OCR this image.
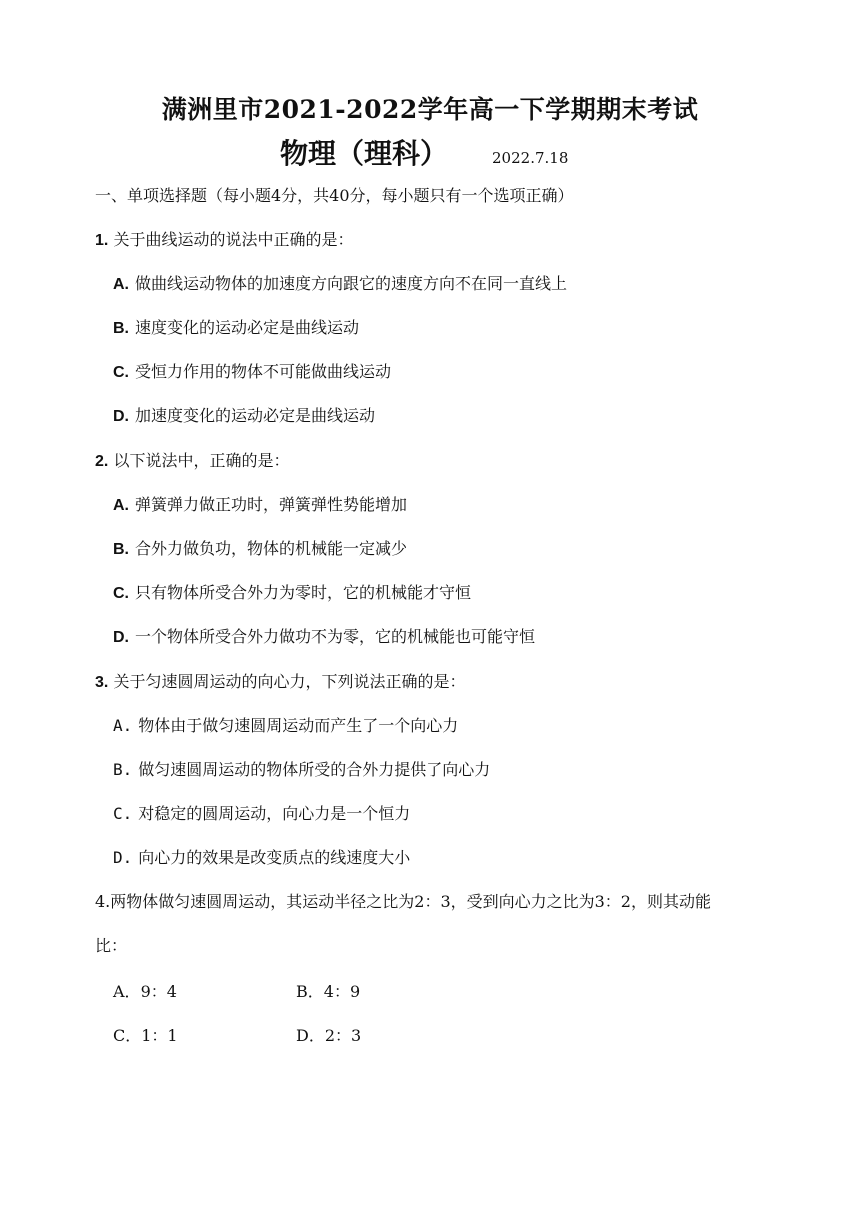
满洲里市2021-2022学年高一下学期期末考试
物理（理科）	2022.7.18
一、单项选择题（每小题4分，共40分，每小题只有一个选项正确）
1. 关于曲线运动的说法中正确的是：
A. 做曲线运动物体的加速度方向跟它的速度方向不在同一直线上
B. 速度变化的运动必定是曲线运动
C. 受恒力作用的物体不可能做曲线运动
D. 加速度变化的运动必定是曲线运动
2. 以下说法中，正确的是：
A. 弹簧弹力做正功时，弹簧弹性势能增加
B. 合外力做负功，物体的机械能一定减少
C. 只有物体所受合外力为零时，它的机械能才守恒
D. 一个物体所受合外力做功不为零，它的机械能也可能守恒
3. 关于匀速圆周运动的向心力，下列说法正确的是：
A. 物体由于做匀速圆周运动而产生了一个向心力
B. 做匀速圆周运动的物体所受的合外力提供了向心力
C. 对稳定的圆周运动，向心力是一个恒力
D. 向心力的效果是改变质点的线速度大小
4.两物体做匀速圆周运动，其运动半径之比为2：3，受到向心力之比为3：2，则其动能
比：
A．9：4	B．4：9
C．1：1	D．2：3
